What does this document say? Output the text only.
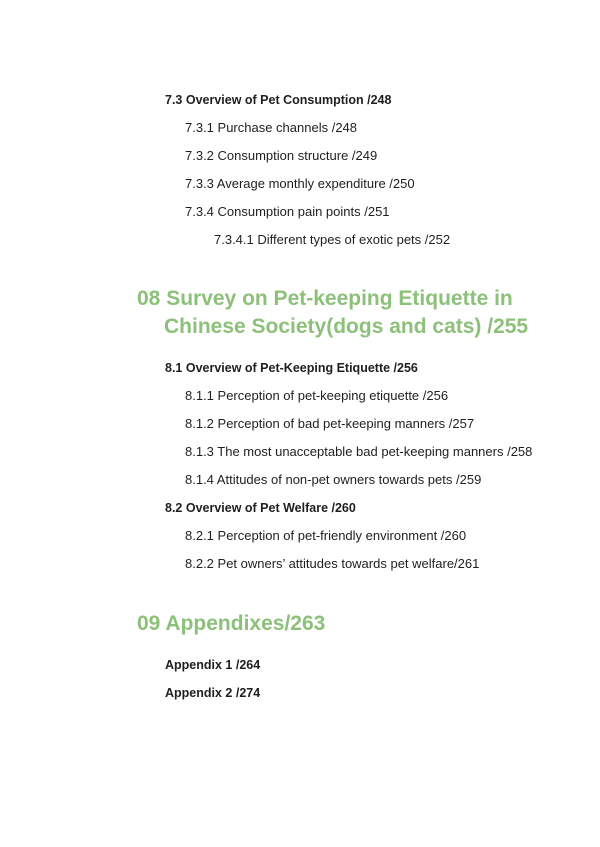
7.3 Overview of Pet Consumption /248
7.3.1 Purchase channels /248
7.3.2 Consumption structure /249
7.3.3 Average monthly expenditure /250
7.3.4 Consumption pain points /251
7.3.4.1 Different types of exotic pets /252
08 Survey on Pet-keeping Etiquette in
Chinese Society(dogs and cats) /255
8.1 Overview of Pet-Keeping Etiquette /256
8.1.1 Perception of pet-keeping etiquette /256
8.1.2 Perception of bad pet-keeping manners /257
8.1.3 The most unacceptable bad pet-keeping manners /258
8.1.4 Attitudes of non-pet owners towards pets /259
8.2 Overview of Pet Welfare /260
8.2.1 Perception of pet-friendly environment /260
8.2.2 Pet owners’ attitudes towards pet welfare/261
09 Appendixes/263
Appendix 1 /264
Appendix 2 /274
